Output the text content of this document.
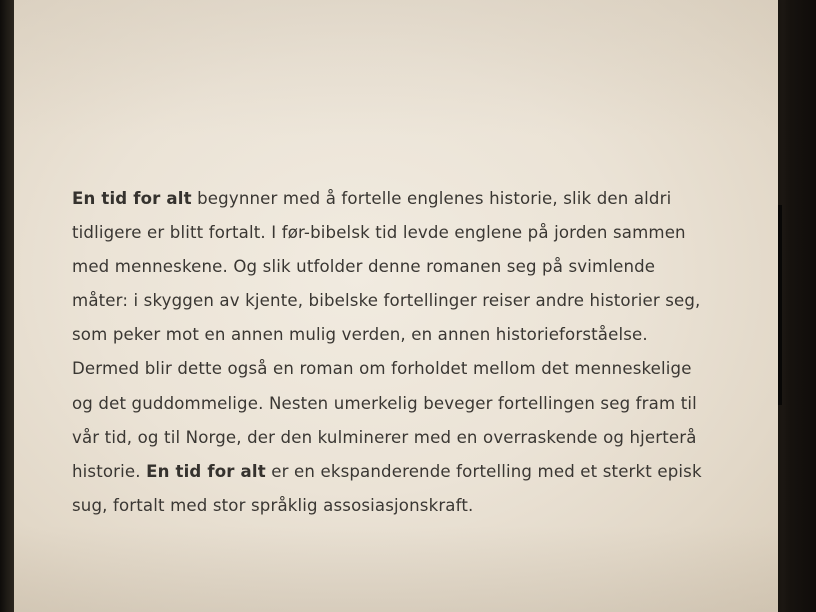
En tid for alt begynner med å fortelle englenes historie, slik den aldri
tidligere er blitt fortalt. I før-bibelsk tid levde englene på jorden sammen
med menneskene. Og slik utfolder denne romanen seg på svimlende
måter: i skyggen av kjente, bibelske fortellinger reiser andre historier seg,
som peker mot en annen mulig verden, en annen historieforståelse.
Dermed blir dette også en roman om forholdet mellom det menneskelige
og det guddommelige. Nesten umerkelig beveger fortellingen seg fram til
vår tid, og til Norge, der den kulminerer med en overraskende og hjerterå
historie. En tid for alt er en ekspanderende fortelling med et sterkt episk
sug, fortalt med stor språklig assosiasjonskraft.
